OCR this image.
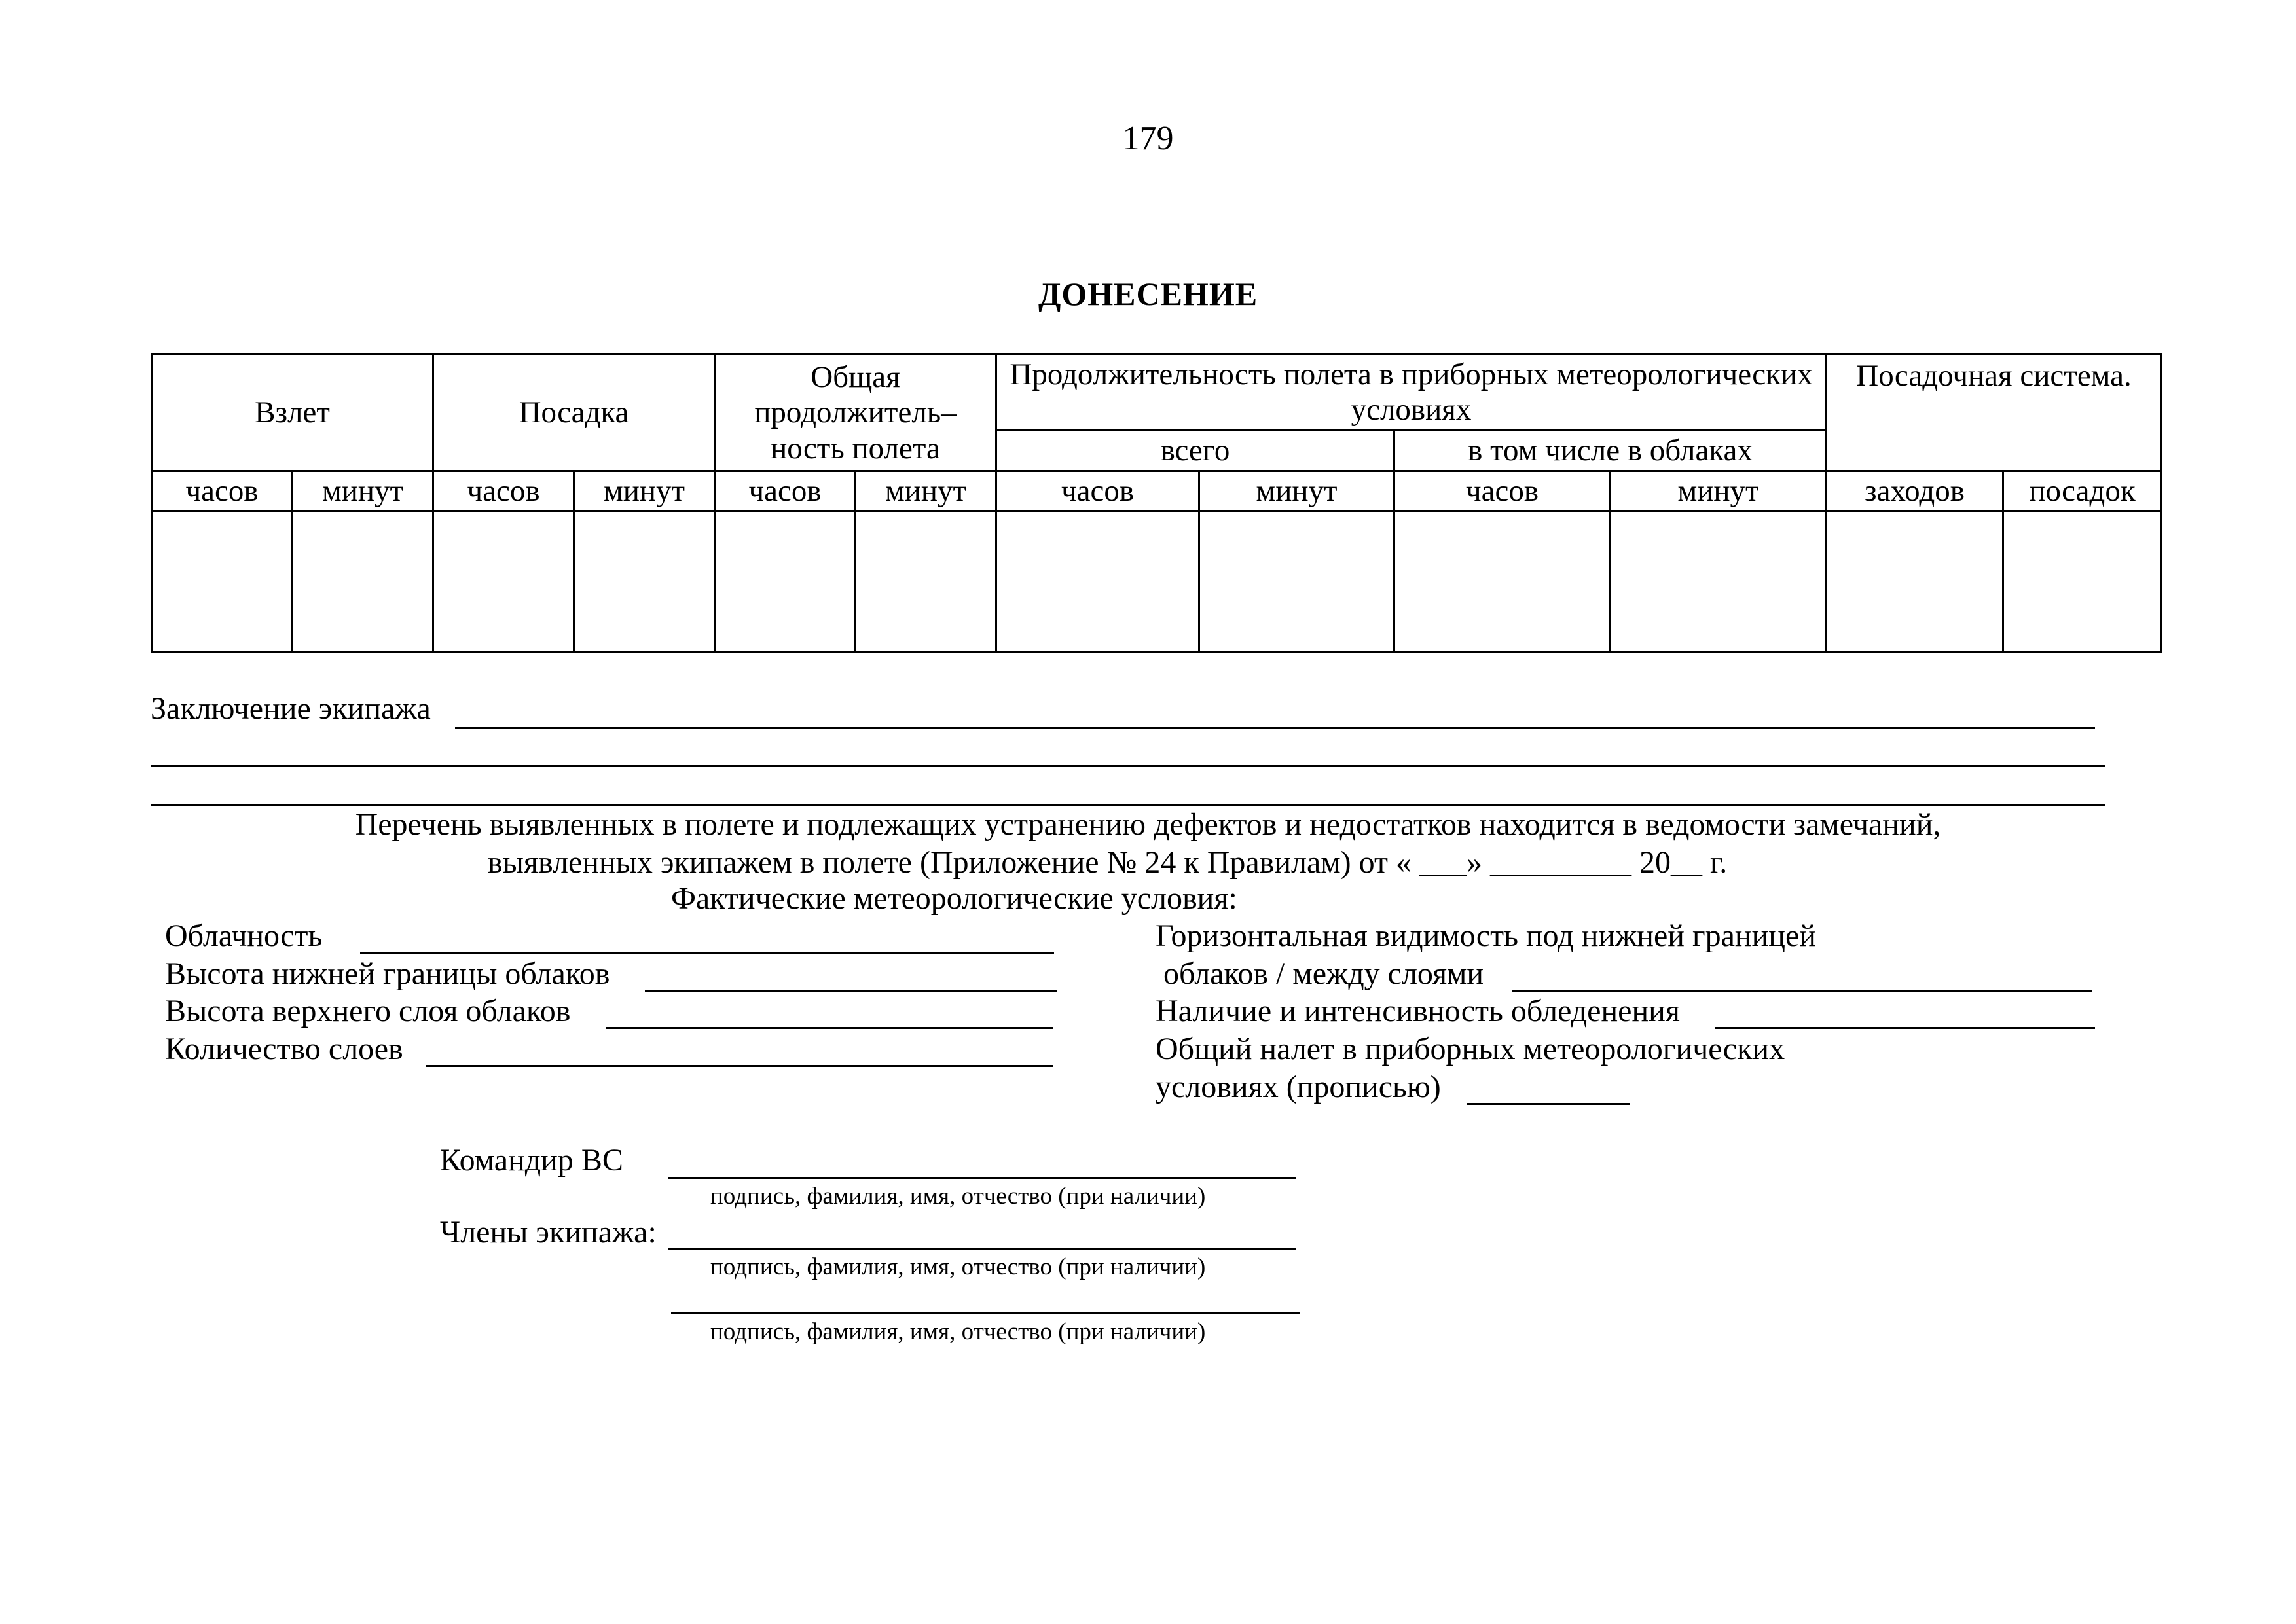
179
ДОНЕСЕНИЕ
Взлет		Посадка		Общая продолжитель–ность полета		Продолжительность полета в приборных метеорологических условиях				Посадочная система.	
						всего		в том числе в облаках			
часов	минут	часов	минут	часов	минут	часов	минут	часов	минут	заходов	посадок

Заключение экипажа
Перечень выявленных в полете и подлежащих устранению дефектов и недостатков находится в ведомости замечаний,
выявленных экипажем в полете (Приложение № 24 к Правилам) от « ___» _________ 20__ г.
Фактические метеорологические условия:
Облачность
Высота нижней границы облаков
Высота верхнего слоя облаков
Количество слоев
Горизонтальная видимость под нижней границей
облаков / между слоями
Наличие и интенсивность обледенения
Общий налет в приборных метеорологических
условиях (прописью)
Командир ВС
подпись, фамилия, имя, отчество (при наличии)
Члены экипажа:
подпись, фамилия, имя, отчество (при наличии)
подпись, фамилия, имя, отчество (при наличии)
